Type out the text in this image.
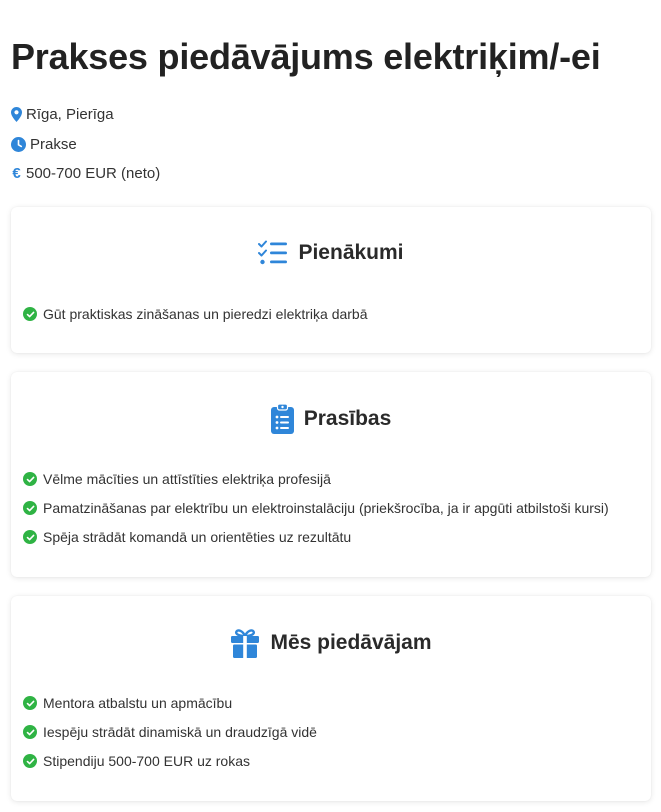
Prakses piedāvājums elektriķim/-ei
Rīga, Pierīga
Prakse
€ 500-700 EUR (neto)
Pienākumi
Gūt praktiskas zināšanas un pieredzi elektriķa darbā
Prasības
Vēlme mācīties un attīstīties elektriķa profesijā
Pamatzināšanas par elektrību un elektroinstalāciju (priekšrocība, ja ir apgūti atbilstoši kursi)
Spēja strādāt komandā un orientēties uz rezultātu
Mēs piedāvājam
Mentora atbalstu un apmācību
Iespēju strādāt dinamiskā un draudzīgā vidē
Stipendiju 500-700 EUR uz rokas
